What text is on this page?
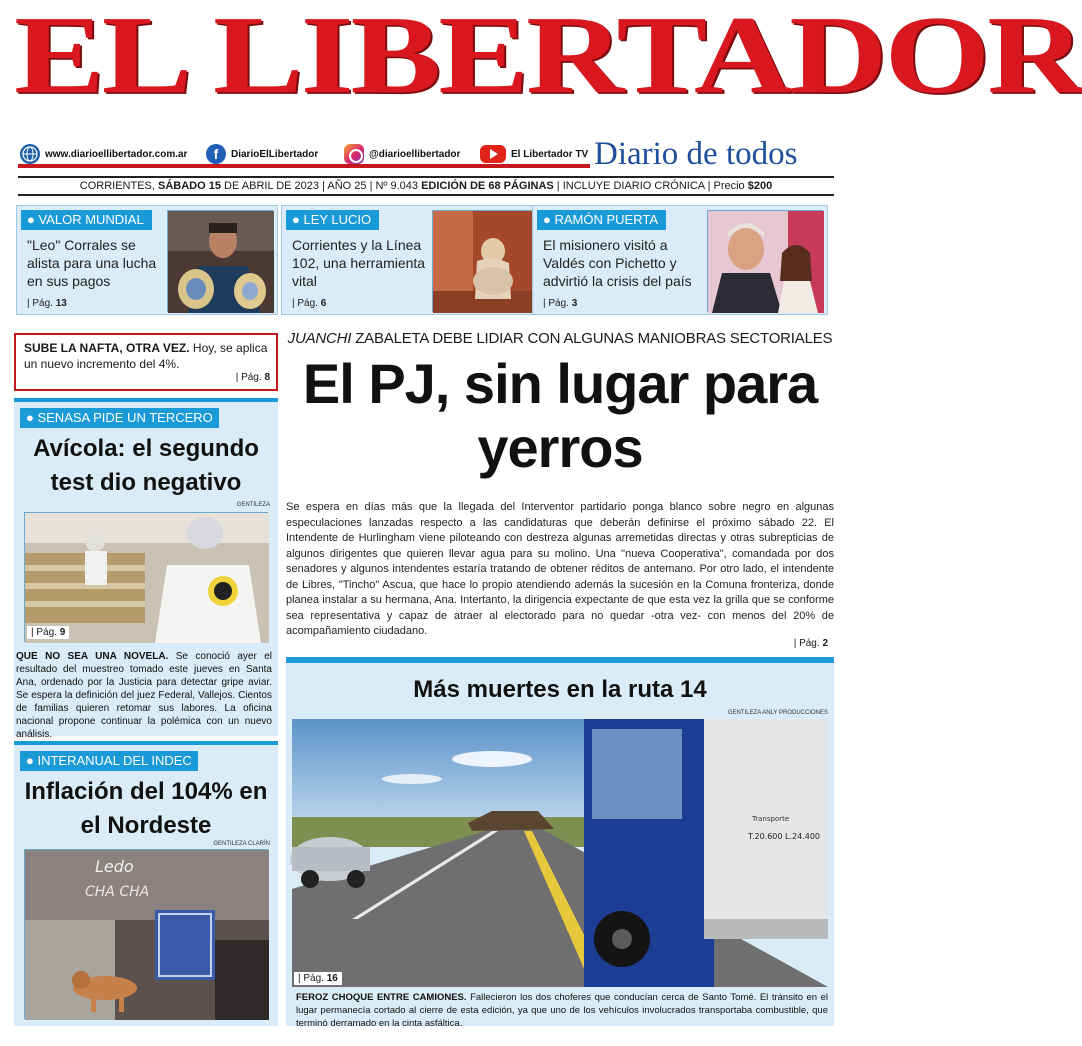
EL LIBERTADOR
www.diarioellibertador.com.ar	f	DiarioElLibertador	@diarioellibertador	El Libertador TV Diario de todos
CORRIENTES, SÁBADO 15 DE ABRIL DE 2023 | AÑO 25 | Nº 9.043 EDICIÓN DE 68 PÁGINAS | INCLUYE DIARIO CRÓNICA | Precio $200
● VALOR MUNDIAL
"Leo" Corrales se alista para una lucha en sus pagos
| Pág. 13
● LEY LUCIO
Corrientes y la Línea 102, una herramienta vital
| Pág. 6
● RAMÓN PUERTA
El misionero visitó a Valdés con Pichetto y advirtió la crisis del país
| Pág. 3
SUBE LA NAFTA, OTRA VEZ. Hoy, se aplica un nuevo incremento del 4%.
| Pág. 8
● SENASA PIDE UN TERCERO
Avícola: el segundo test dio negativo
GENTILEZA
| Pág. 9
QUE NO SEA UNA NOVELA. Se conoció ayer el resultado del muestreo tomado este jueves en Santa Ana, ordenado por la Justicia para detectar gripe aviar. Se espera la definición del juez Federal, Vallejos. Cientos de familias quieren retomar sus labores. La oficina nacional propone continuar la polémica con un nuevo análisis.
● INTERANUAL DEL INDEC
Inflación del 104% en el Nordeste
GENTILEZA CLARÍN
Ledo
CHA CHA
JUANCHI ZABALETA DEBE LIDIAR CON ALGUNAS MANIOBRAS SECTORIALES
El PJ, sin lugar para yerros
Se espera en días más que la llegada del Interventor partidario ponga blanco sobre negro en algunas especulaciones lanzadas respecto a las candidaturas que deberán definirse el próximo sábado 22. El Intendente de Hurlingham viene piloteando con destreza algunas arremetidas directas y otras subrepticias de algunos dirigentes que quieren llevar agua para su molino. Una "nueva Cooperativa", comandada por dos senadores y algunos intendentes estaría tratando de obtener réditos de antemano. Por otro lado, el intendente de Libres, "Tincho" Ascua, que hace lo propio atendiendo además la sucesión en la Comuna fronteriza, donde planea instalar a su hermana, Ana. Intertanto, la dirigencia expectante de que esta vez la grilla que se conforme sea representativa y capaz de atraer al electorado para no quedar -otra vez- con menos del 20% de acompañamiento ciudadano.
| Pág. 2
Más muertes en la ruta 14
GENTILEZA ANLY PRODUCCIONES
Transporte
T.20.600 L.24.400
| Pág. 16
FEROZ CHOQUE ENTRE CAMIONES. Fallecieron los dos choferes que conducían cerca de Santo Tomé. El tránsito en el lugar permanecía cortado al cierre de esta edición, ya que uno de los vehículos involucrados transportaba combustible, que terminó derramado en la cinta asfáltica.
